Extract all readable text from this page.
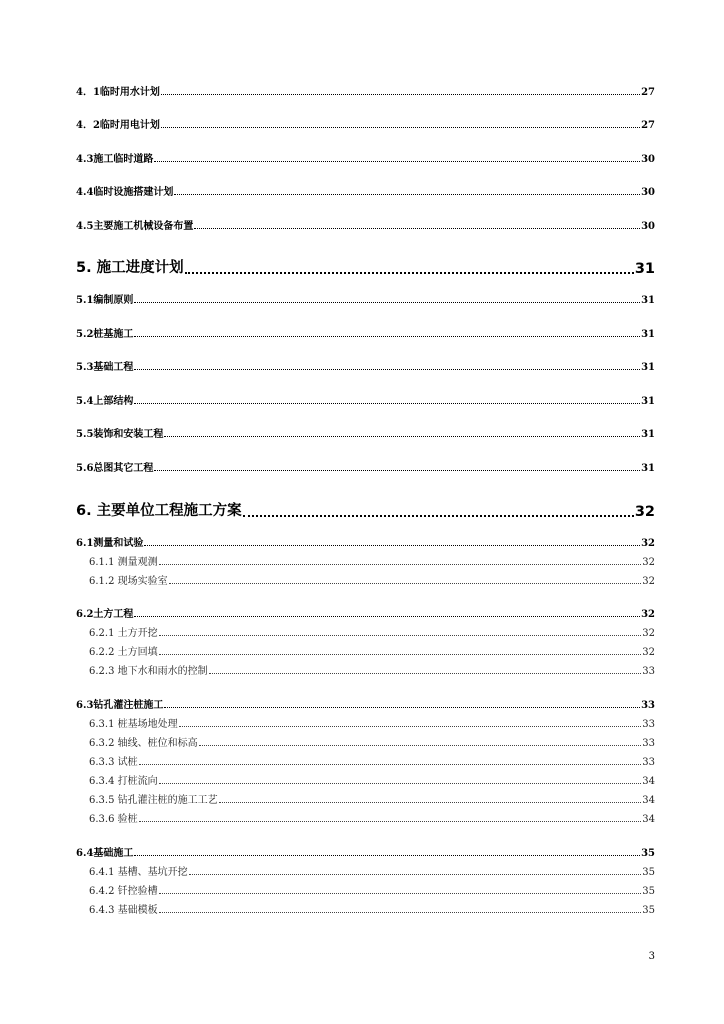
4．1临时用水计划	27
4．2临时用电计划	27
4.3施工临时道路	30
4.4临时设施搭建计划	30
4.5主要施工机械设备布置	30
5. 施工进度计划	31
5.1编制原则	31
5.2桩基施工	31
5.3基础工程	31
5.4上部结构	31
5.5装饰和安装工程	31
5.6总图其它工程	31
6. 主要单位工程施工方案	32
6.1测量和试验	32
6.1.1 测量观测	32
6.1.2 现场实验室	32
6.2土方工程	32
6.2.1 土方开挖	32
6.2.2 土方回填	32
6.2.3 地下水和雨水的控制	33
6.3钻孔灌注桩施工	33
6.3.1 桩基场地处理	33
6.3.2 轴线、桩位和标高	33
6.3.3 试桩	33
6.3.4 打桩流向	34
6.3.5 钻孔灌注桩的施工工艺	34
6.3.6 验桩	34
6.4基础施工	35
6.4.1 基槽、基坑开挖	35
6.4.2 钎控验槽	35
6.4.3 基础模板	35
3
